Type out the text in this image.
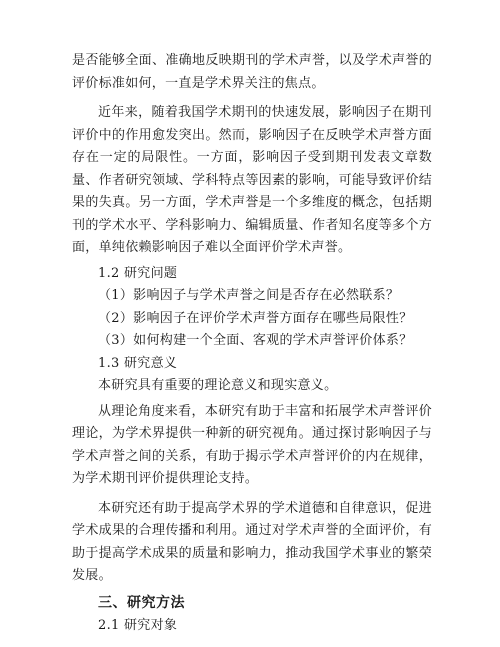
是否能够全面、准确地反映期刊的学术声誉，以及学术声誉的评价标准如何，一直是学术界关注的焦点。

近年来，随着我国学术期刊的快速发展，影响因子在期刊评价中的作用愈发突出。然而，影响因子在反映学术声誉方面存在一定的局限性。一方面，影响因子受到期刊发表文章数量、作者研究领域、学科特点等因素的影响，可能导致评价结果的失真。另一方面，学术声誉是一个多维度的概念，包括期刊的学术水平、学科影响力、编辑质量、作者知名度等多个方面，单纯依赖影响因子难以全面评价学术声誉。

1.2 研究问题

（1）影响因子与学术声誉之间是否存在必然联系？

（2）影响因子在评价学术声誉方面存在哪些局限性？

（3）如何构建一个全面、客观的学术声誉评价体系？

1.3 研究意义

本研究具有重要的理论意义和现实意义。

从理论角度来看，本研究有助于丰富和拓展学术声誉评价理论，为学术界提供一种新的研究视角。通过探讨影响因子与学术声誉之间的关系，有助于揭示学术声誉评价的内在规律，为学术期刊评价提供理论支持。

本研究还有助于提高学术界的学术道德和自律意识，促进学术成果的合理传播和利用。通过对学术声誉的全面评价，有助于提高学术成果的质量和影响力，推动我国学术事业的繁荣发展。

三、研究方法

2.1 研究对象
